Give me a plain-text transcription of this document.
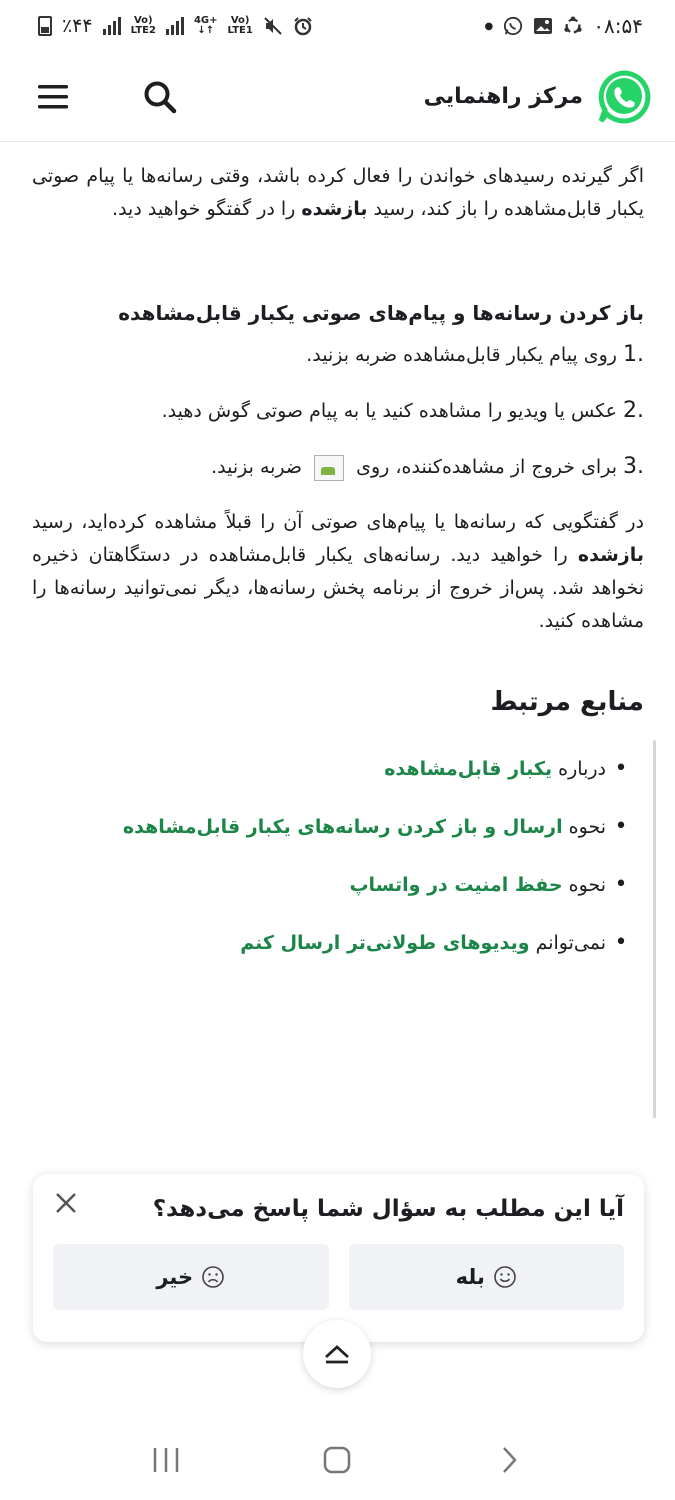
٪۴۴	Vo)
LTE2
4G+
↓↑
Vo)
LTE1	●	۰۸:۵۴
مرکز راهنمایی

اگر گیرنده رسیدهای خواندن را فعال کرده باشد، وقتی رسانه‌ها یا پیام صوتی یکبار قابل‌مشاهده را باز کند، رسید بازشده را در گفتگو خواهید دید.

باز کردن رسانه‌ها و پیام‌های صوتی یکبار قابل‌مشاهده
1.
روی پیام یکبار قابل‌مشاهده ضربه بزنید.
2.
عکس یا ویدیو را مشاهده کنید یا به پیام صوتی گوش دهید.
3.
برای خروج از مشاهده‌کننده، روی  ضربه بزنید.

در گفتگویی که رسانه‌ها یا پیام‌های صوتی آن را قبلاً مشاهده کرده‌اید، رسید بازشده را خواهید دید. رسانه‌های یکبار قابل‌مشاهده در دستگاهتان ذخیره نخواهد شد. پس‌از خروج از برنامه پخش رسانه‌ها، دیگر نمی‌توانید رسانه‌ها را مشاهده کنید.

منابع مرتبط
•
درباره یکبار قابل‌مشاهده
•
نحوه ارسال و باز کردن رسانه‌های یکبار قابل‌مشاهده
•
نحوه حفظ امنیت در واتساپ
•
نمی‌توانم ویدیوهای طولانی‌تر ارسال کنم
آیا این مطلب به سؤال شما پاسخ می‌دهد؟
بله
خیر
